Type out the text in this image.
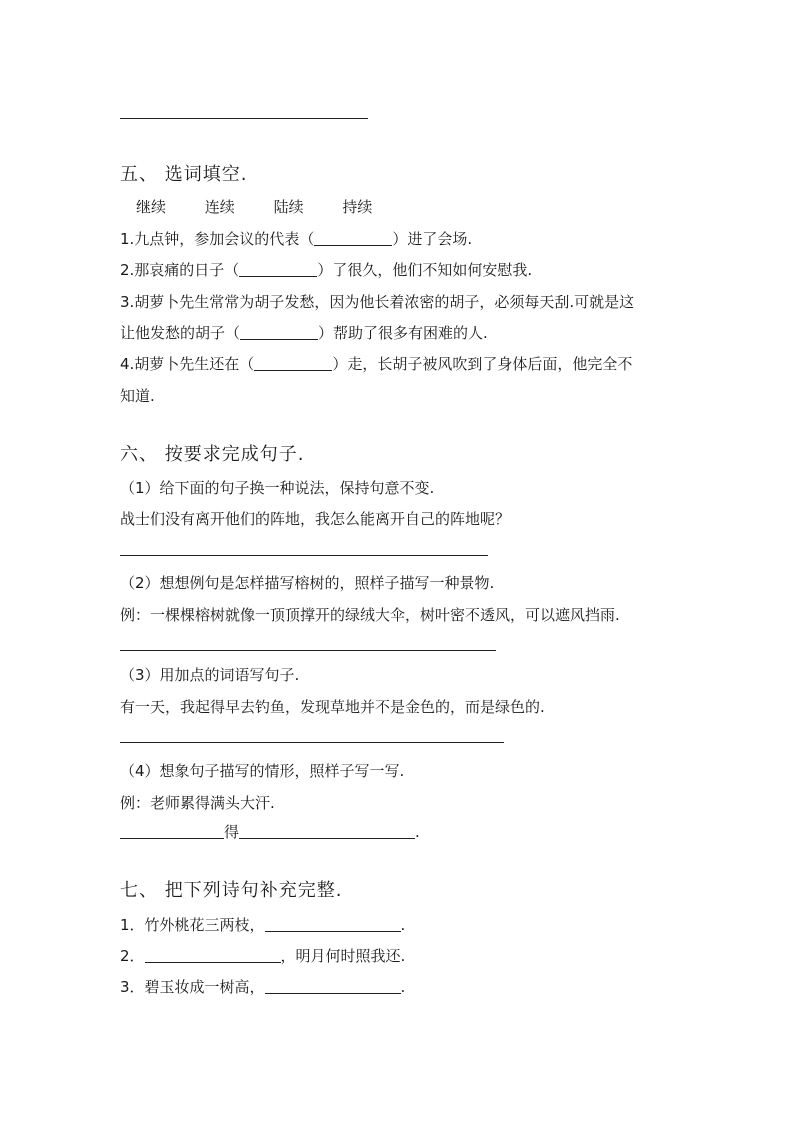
五、 选词填空.
继续	连续	陆续	持续
1.九点钟，参加会议的代表（	）进了会场.
2.那哀痛的日子（	）了很久，他们不知如何安慰我.
3.胡萝卜先生常常为胡子发愁，因为他长着浓密的胡子，必须每天刮.可就是这
让他发愁的胡子（	）帮助了很多有困难的人.
4.胡萝卜先生还在（	）走，长胡子被风吹到了身体后面，他完全不
知道.
六、 按要求完成句子.
（1）给下面的句子换一种说法，保持句意不变.
战士们没有离开他们的阵地，我怎么能离开自己的阵地呢？
（2）想想例句是怎样描写榕树的，照样子描写一种景物.
例：一棵棵榕树就像一顶顶撑开的绿绒大伞，树叶密不透风，可以遮风挡雨.
（3）用加点的词语写句子.
有一天，我起得早去钓鱼，发现草地并不是金色的，而是绿色的.
（4）想象句子描写的情形，照样子写一写.
例：老师累得满头大汗.
得	.
七、 把下列诗句补充完整.
1．竹外桃花三两枝，	.
2．	，明月何时照我还.
3．碧玉妆成一树高，	.
